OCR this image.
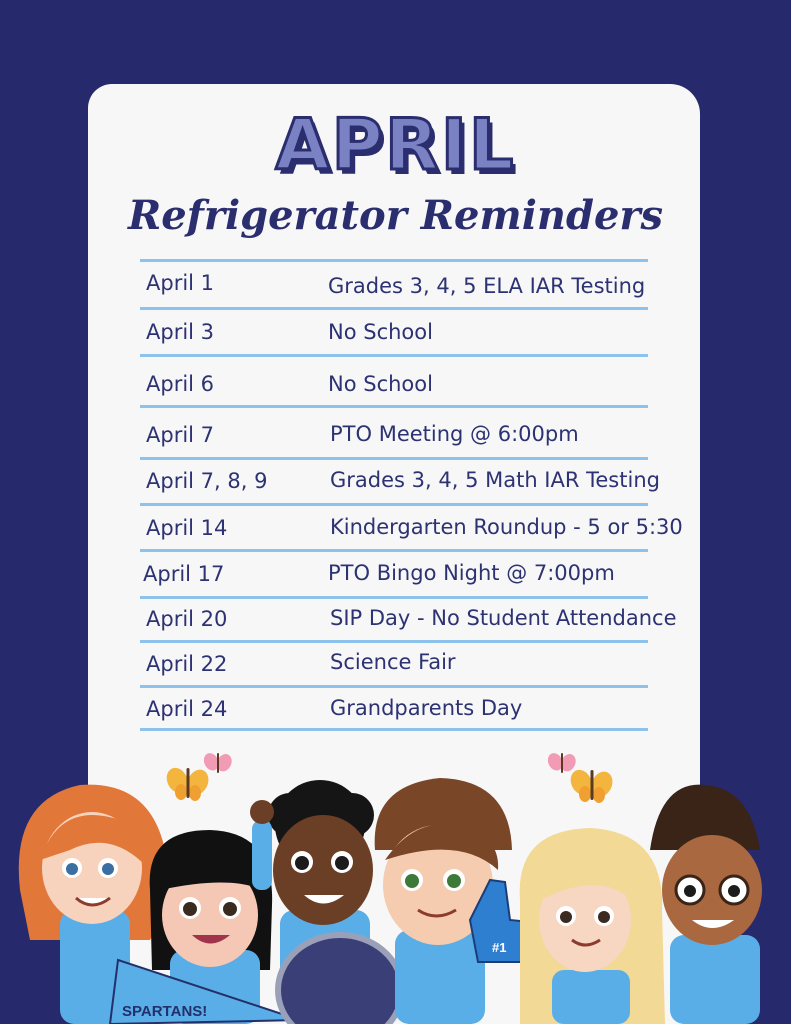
APRIL
Refrigerator Reminders
April 1	Grades 3, 4, 5 ELA IAR Testing
April 3	No School
April 6	No School
April 7	PTO Meeting @ 6:00pm
April 7, 8, 9	Grades 3, 4, 5 Math IAR Testing
April 14	Kindergarten Roundup - 5 or 5:30
April 17	PTO Bingo Night @ 7:00pm
April 20	SIP Day - No Student Attendance
April 22	Science Fair
April 24	Grandparents Day
SPARTANS!
#1
